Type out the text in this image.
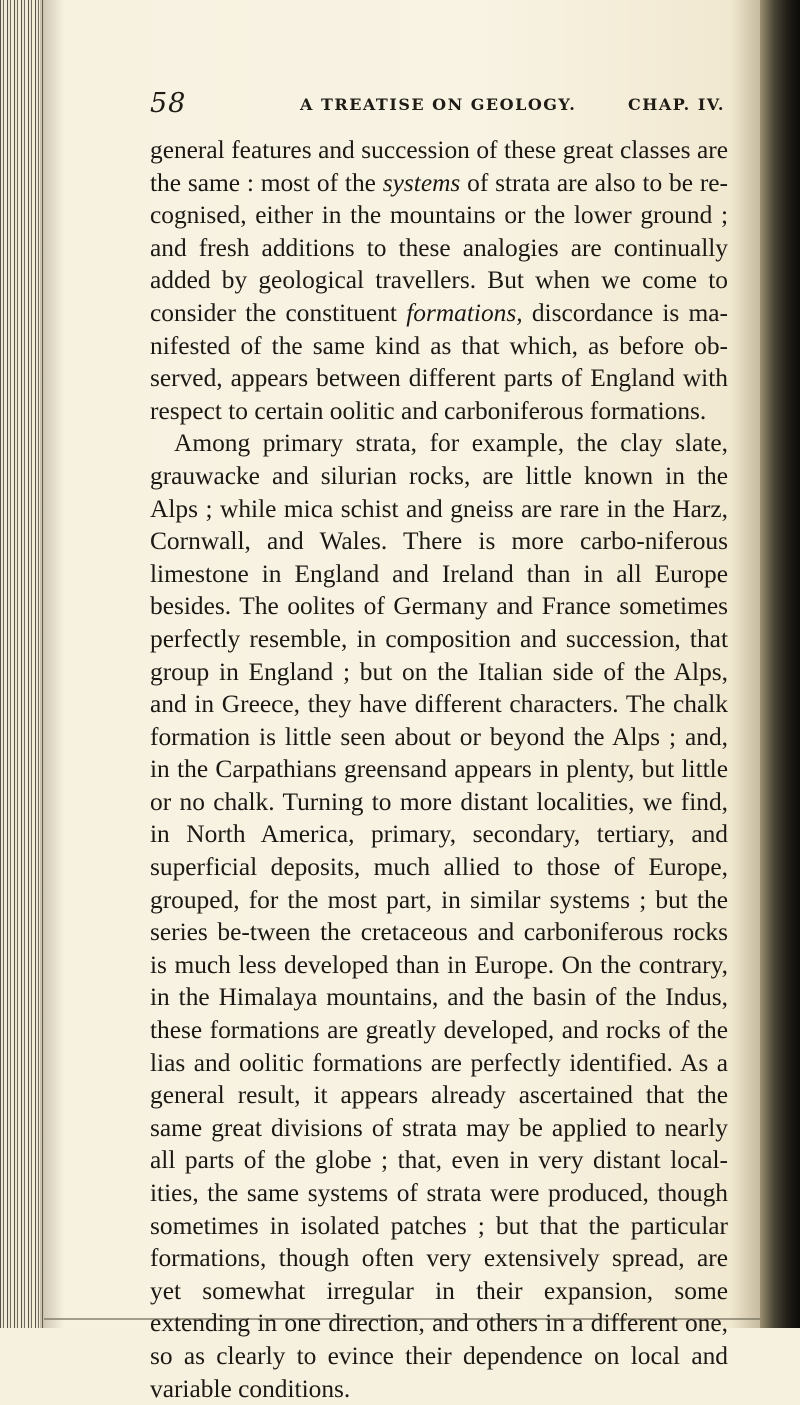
58	A TREATISE ON GEOLOGY.	CHAP. IV.

general features and succession of these great classes are the same : most of the systems of strata are also to be re-cognised, either in the mountains or the lower ground ; and fresh additions to these analogies are continually added by geological travellers. But when we come to consider the constituent formations, discordance is ma-nifested of the same kind as that which, as before ob-served, appears between different parts of England with respect to certain oolitic and carboniferous formations.

Among primary strata, for example, the clay slate, grauwacke and silurian rocks, are little known in the Alps ; while mica schist and gneiss are rare in the Harz, Cornwall, and Wales. There is more carbo-niferous limestone in England and Ireland than in all Europe besides. The oolites of Germany and France sometimes perfectly resemble, in composition and succession, that group in England ; but on the Italian side of the Alps, and in Greece, they have different characters. The chalk formation is little seen about or beyond the Alps ; and, in the Carpathians greensand appears in plenty, but little or no chalk. Turning to more distant localities, we find, in North America, primary, secondary, tertiary, and superficial deposits, much allied to those of Europe, grouped, for the most part, in similar systems ; but the series be-tween the cretaceous and carboniferous rocks is much less developed than in Europe. On the contrary, in the Himalaya mountains, and the basin of the Indus, these formations are greatly developed, and rocks of the lias and oolitic formations are perfectly identified. As a general result, it appears already ascertained that the same great divisions of strata may be applied to nearly all parts of the globe ; that, even in very distant local-ities, the same systems of strata were produced, though sometimes in isolated patches ; but that the particular formations, though often very extensively spread, are yet somewhat irregular in their expansion, some extending in one direction, and others in a different one, so as clearly to evince their dependence on local and variable conditions.
